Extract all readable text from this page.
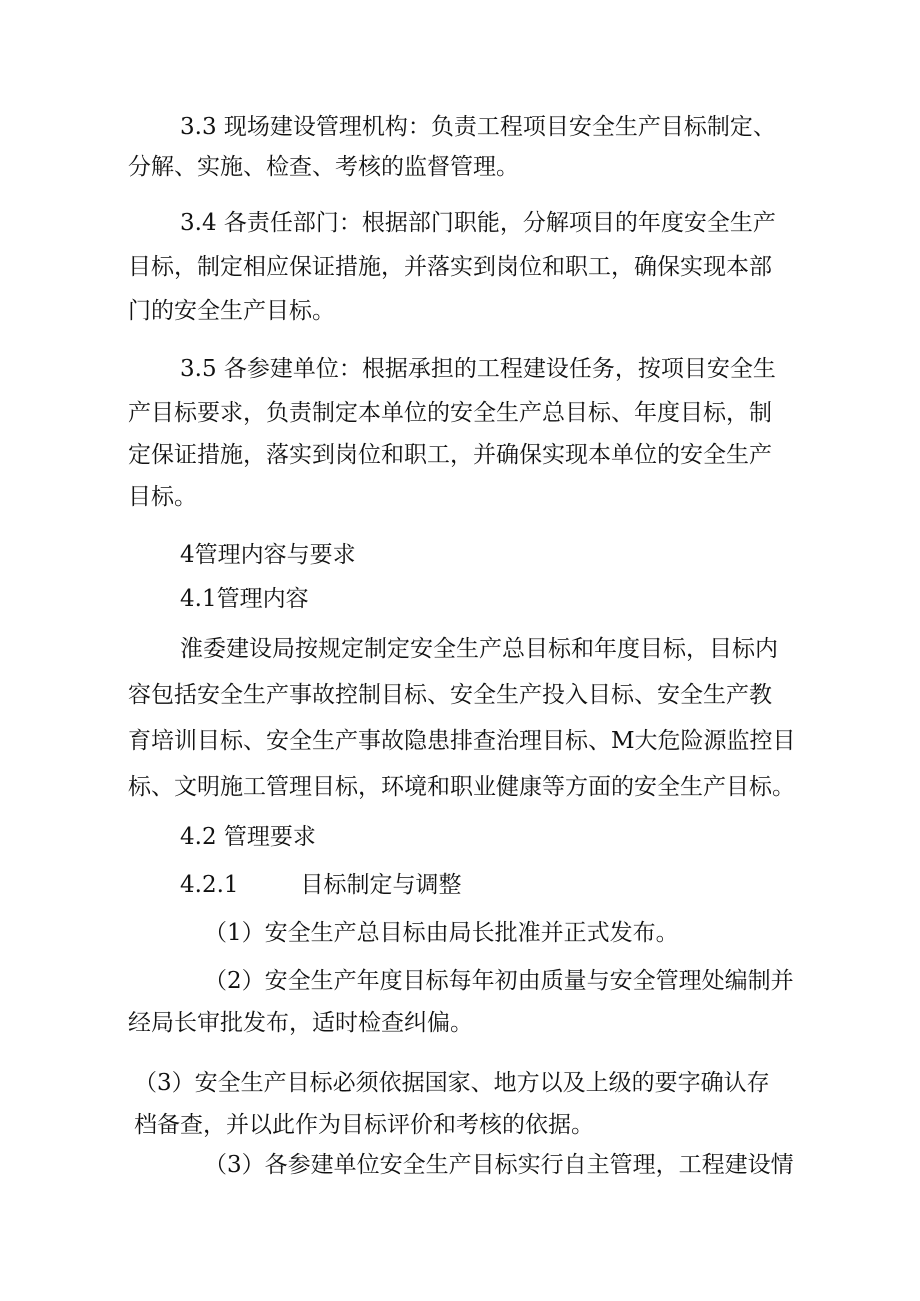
3.3 现场建设管理机构：负责工程项目安全生产目标制定、
分解、实施、检查、考核的监督管理。
3.4 各责任部门：根据部门职能，分解项目的年度安全生产
目标，制定相应保证措施，并落实到岗位和职工，确保实现本部
门的安全生产目标。
3.5 各参建单位：根据承担的工程建设任务，按项目安全生
产目标要求，负责制定本单位的安全生产总目标、年度目标，制
定保证措施，落实到岗位和职工，并确保实现本单位的安全生产
目标。
4管理内容与要求
4.1管理内容
淮委建设局按规定制定安全生产总目标和年度目标，目标内
容包括安全生产事故控制目标、安全生产投入目标、安全生产教
育培训目标、安全生产事故隐患排查治理目标、M大危险源监控目
标、文明施工管理目标，环境和职业健康等方面的安全生产目标。
4.2 管理要求
4.2.1	目标制定与调整
（1）安全生产总目标由局长批准并正式发布。
（2）安全生产年度目标每年初由质量与安全管理处编制并
经局长审批发布，适时检查纠偏。
（3）安全生产目标必须依据国家、地方以及上级的要字确认存
档备查，并以此作为目标评价和考核的依据。
（3）各参建单位安全生产目标实行自主管理，工程建设情
